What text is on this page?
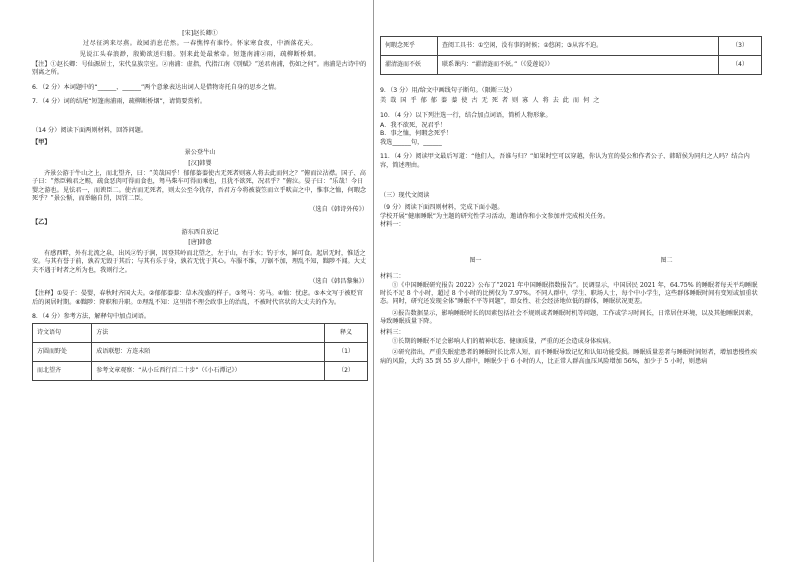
[宋]赵长卿①
过尽征鸿来尽燕。故园消息茫然。一春憔悴有谁怜。怀家寒食夜，中酒落花天。
见说江头春浪渺，殷勤欲送归船。别来此处最萦牵。短篷南浦②雨，疏柳断桥烟。
【注】①赵长卿：号仙源居士，宋代皇族宗室。②南浦：虚指，代指江南《别赋》“送君南浦，伤如之何”。南浦是古诗中的别离之所。
6．（2 分）本词题中的“______、______”两个意象表达出词人是借物寄托自身的思乡之情。
7．（4 分）词的结尾“短篷南浦雨，疏柳断桥烟”，请简要赏析。
（14 分）阅读下面两则材料，回答问题。
【甲】
景公登牛山
[汉]韩婴
齐景公游于牛山之上，而北望齐，曰：“美哉国乎！郁郁蓁蓁使古无死者则寡人将去此而何之？”俯而泣沾襟。国子、高子曰：“然臣赖君之赐，疏食恶肉可得而食也，驽马柴车可得而乘也，且犹不欲死，况君乎？”俯泣。晏子曰：“乐哉！今日婴之游也。见怯君一，而谀臣二。使古而无死者，则太公至今犹存，吾君方今将被蓑笠而立乎畎亩之中，惟事之恤，何暇念死乎？”景公惭，而举觞自罚，因罚二臣。
（选自《韩诗外传》）
【乙】
游东西自放记
[唐]韩愈
有感西畔，外有北流之泉，出风②钓于涧，因登其岭而北望之，左于山，右于水；钓于水，鲜可食。起居无时，惟适之安。与其有誉于前，孰若无毁于其后；与其有乐于身，孰若无忧于其心。车服不维，刀锯不加，理乱不知，黜陟不闻。大丈夫不遇于时者之所为也，我则行之。
（选自《韩昌黎集》）
【注释】①晏子：晏婴，春秋时齐国大夫。②郁郁蓁蓁：草木茂盛的样子。③驽马：劣马。④恤：忧虑。⑤本文写于被贬官后的闲居时期。⑥黜陟：降职和升职。⑦理乱不知：这里指不理会政事上的治乱，不被时代官状的大丈夫的作为。
8．（4 分）参考方法，解释句中加点词语。
诗文语句	方法	释义
方圆而野处	成语联想：方连未陌	（1）
而北望齐	参考文章观察：“从小丘西行百二十步”（《小石潭记》）	（2）
何暇念死乎	查阅工具书：①空闲，没有事的时候；②悠闲；③从容不迫。	（3）
濯清涟而不妖	联系课内：“濯清涟而不妖。”（《爱莲说》）	（4）
9．（3 分）用/给文中画线句子断句。（限断三处）
美 哉 国 乎 郁 郁 蓁 蓁 使 古 无 死 者 则 寡 人 将 去 此 而 何 之
10．（4 分）以下列注选一行，结合加点词语，简析人物形象。
A．我不欲死，况君乎！
B．事之恤，何暇念死乎！
我选______句，______
11．（4 分）阅读甲文最后写道：“他们人，吾谁与归？”如果时空可以穿越，你认为宜的晏公和作者公子、韩昭侯为同归之人吗？结合内容，简述理由。
（三）现代文阅读
（9 分）阅读下面四则材料，完成下面小题。
学校开展“健康睡眠”为主题的研究性学习活动，邀请你和小文参加并完成相关任务。
材料一：
图一	图二
材料二：
①《中国睡眠研究报告 2022》公布了“2021 年中国睡眠指数报告”。民调显示，中国居民 2021 年，64.75% 的睡眠者每天平均睡眠时长不足 8 个小时，超过 8 个小时的比例仅为 7.97%。不同人群中，学生、职场人士，每个中小学生，这些群体睡眠时间有变短或加重状态。同时，研究还发现全体“睡眠不平等问题”，即女性、社会经济地位低的群体，睡眠状况更差。
②报告数据显示，影响睡眠时长的因素包括社会不规则或者睡眠时机等问题，工作或学习时间长，日常居住环境，以及其他睡眠因素，导致睡眠质量下降。
材料三：
①长期的睡眠不足会影响人们的精神状态、健康质量，严重的还会造成身体疾病。
②研究指出，严重失眠症患者的睡眠时长比常人短，而不睡眠导致记忆和认知功能受损。睡眠质量差者与睡眠时间短者，增加患慢性疾病的风险，大约 35 到 55 岁人群中，睡眠少于 6 小时的人，比正常人群高血压风险增加 56%，加少于 5 小时，则患病
